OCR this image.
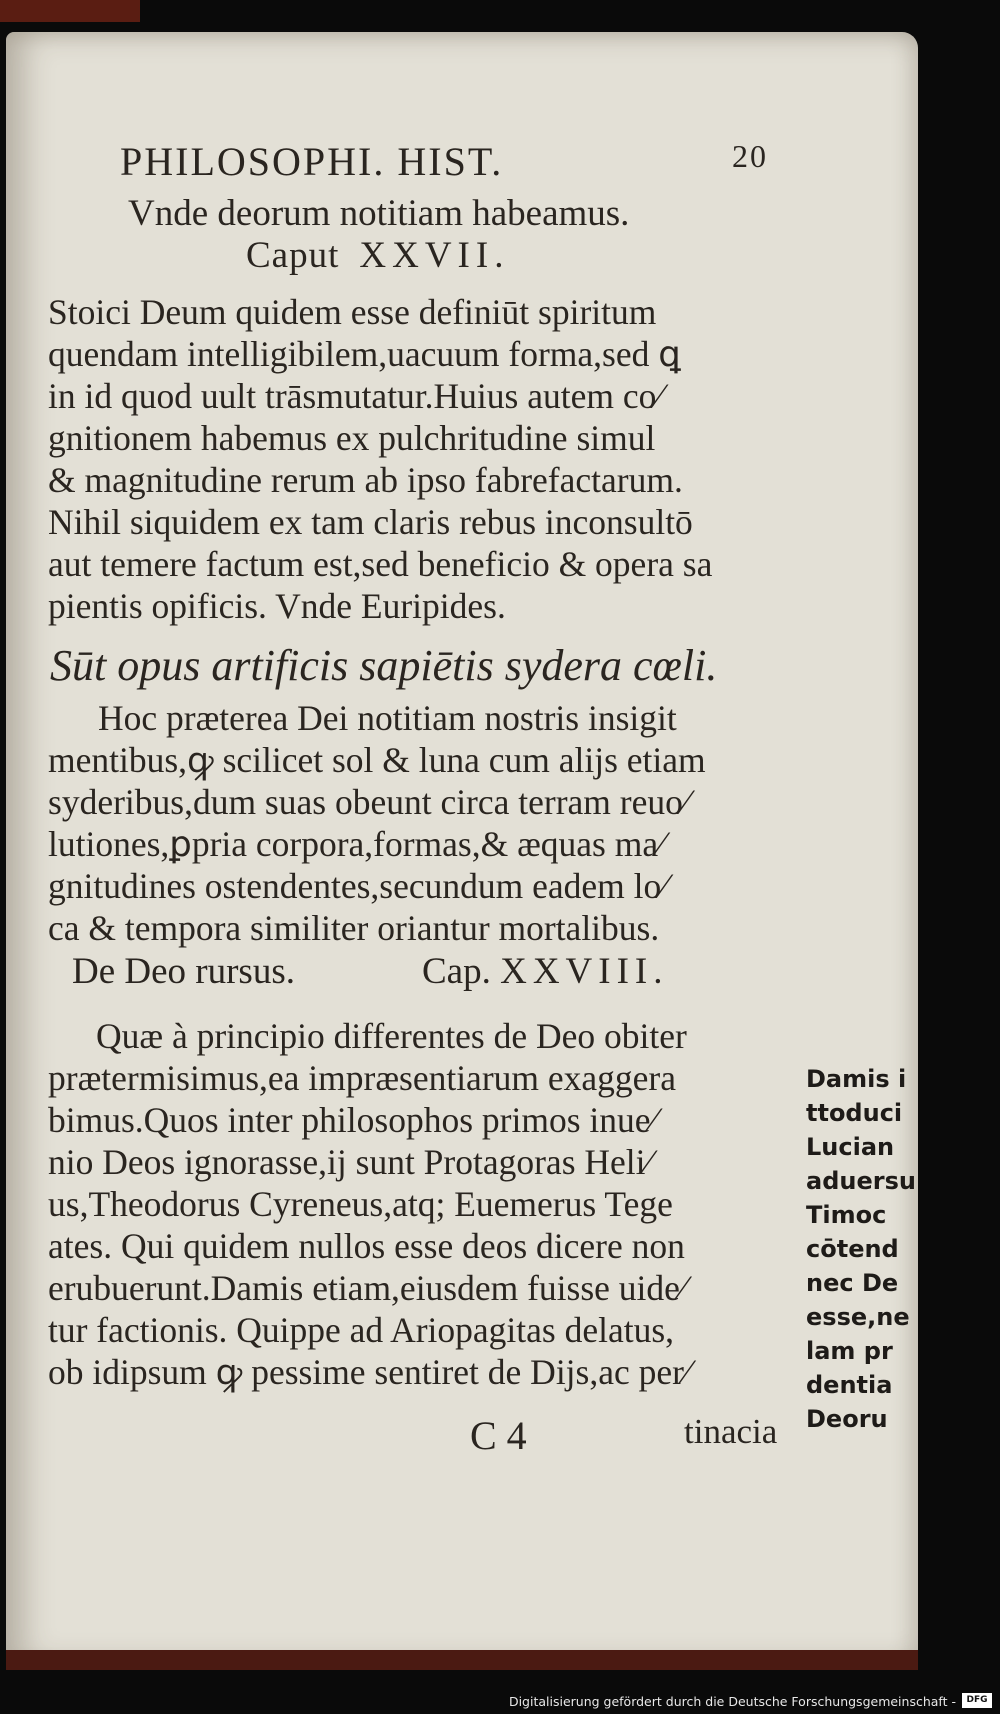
PHILOSOPHI. HIST.	20
Vnde deorum notitiam habeamus.
Caput XXVII.
Stoici Deum quidem esse definiūt spiritum
quendam intelligibilem,uacuum forma,sed ꝗ
in id quod uult trāsmutatur.Huius autem co⁄
gnitionem habemus ex pulchritudine simul
& magnitudine rerum ab ipso fabrefactarum.
Nihil siquidem ex tam claris rebus inconsultō
aut temere factum est,sed beneficio & opera sa
pientis opificis. Vnde Euripides.
Sūt opus artificis sapiētis sydera cœli.
Hoc præterea Dei notitiam nostris insigit
mentibus,ꝙ scilicet sol & luna cum alijs etiam
syderibus,dum suas obeunt circa terram reuo⁄
lutiones,ꝑpria corpora,formas,& æquas ma⁄
gnitudines ostendentes,secundum eadem lo⁄
ca & tempora similiter oriantur mortalibus.
De Deo rursus.	Cap. XXVIII.
Quæ à principio differentes de Deo obiter
prætermisimus,ea impræsentiarum exaggera
bimus.Quos inter philosophos primos inue⁄
nio Deos ignorasse,ij sunt Protagoras Heli⁄
us,Theodorus Cyreneus,atq; Euemerus Tege
ates. Qui quidem nullos esse deos dicere non
erubuerunt.Damis etiam,eiusdem fuisse uide⁄
tur factionis. Quippe ad Ariopagitas delatus,
ob idipsum ꝙ pessime sentiret de Dijs,ac per⁄
C 4	tinacia
Damis i
ttoduci
Lucian
aduersu
Timoc
cōtend
nec De
esse,ne
lam pr
dentia
Deoru
Digitalisierung gefördert durch die Deutsche Forschungsgemeinschaft -	DFG
